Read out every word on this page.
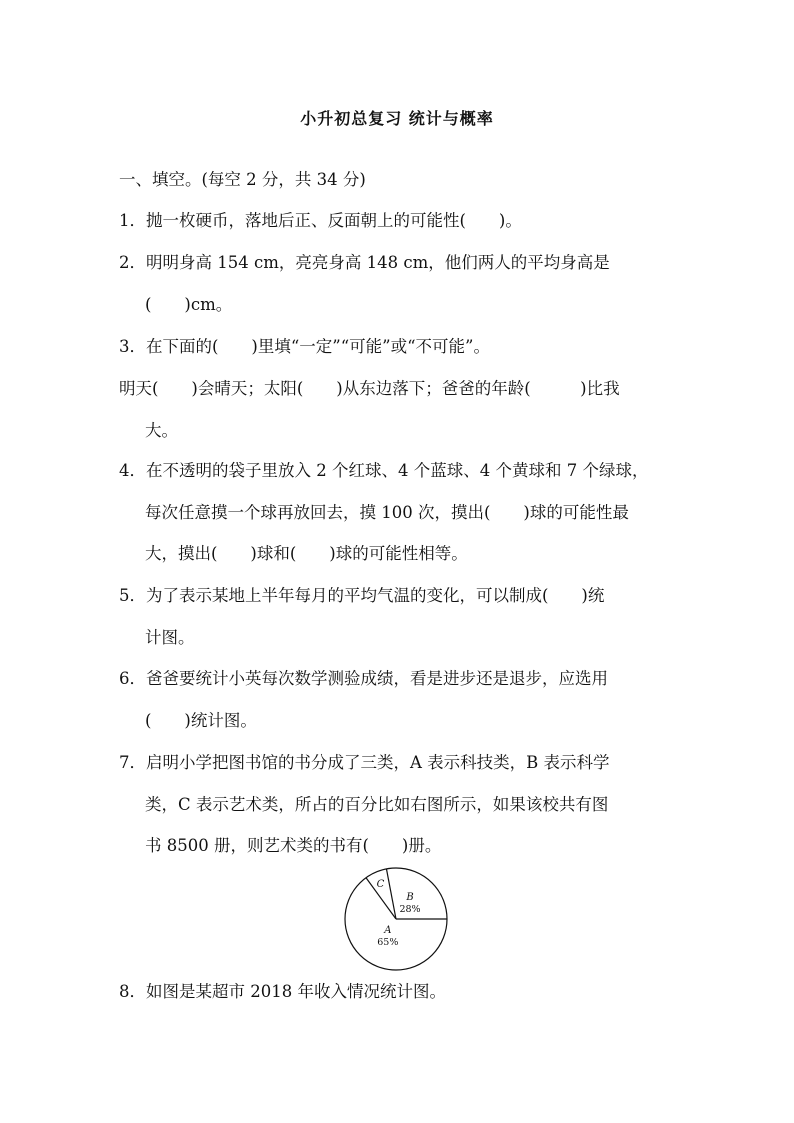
小升初总复习 统计与概率
一、填空。(每空 2 分，共 34 分)
1．抛一枚硬币，落地后正、反面朝上的可能性(　　)。
2．明明身高 154 cm，亮亮身高 148 cm，他们两人的平均身高是
(　　)cm。
3．在下面的(　　)里填“一定”“可能”或“不可能”。
明天(　　)会晴天；太阳(　　)从东边落下；爸爸的年龄(　　　)比我
大。
4．在不透明的袋子里放入 2 个红球、4 个蓝球、4 个黄球和 7 个绿球，
每次任意摸一个球再放回去，摸 100 次，摸出(　　)球的可能性最
大，摸出(　　)球和(　　)球的可能性相等。
5．为了表示某地上半年每月的平均气温的变化，可以制成(　　)统
计图。
6．爸爸要统计小英每次数学测验成绩，看是进步还是退步，应选用
(　　)统计图。
7．启明小学把图书馆的书分成了三类，A 表示科技类，B 表示科学
类，C 表示艺术类，所占的百分比如右图所示，如果该校共有图
书 8500 册，则艺术类的书有(　　)册。
A
65%
C
B
28%
8．如图是某超市 2018 年收入情况统计图。
